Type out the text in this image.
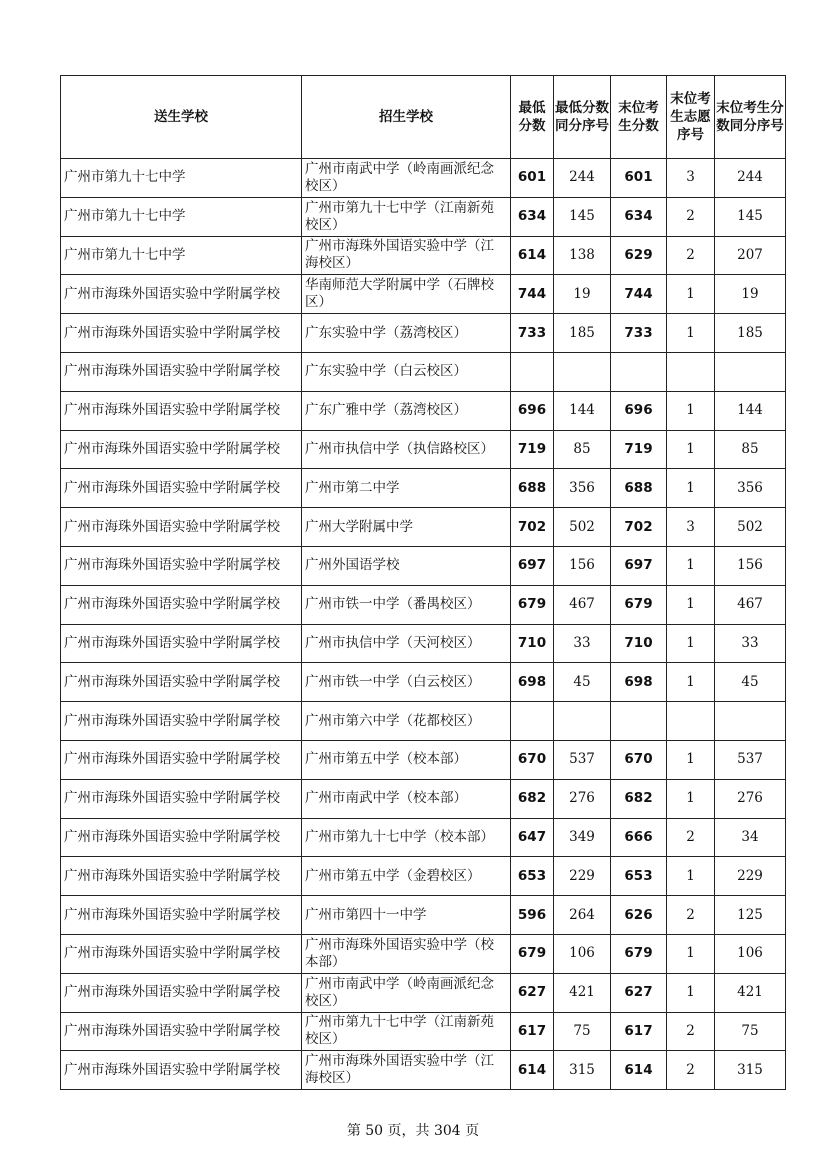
送生学校	招生学校	最低分数	最低分数同分序号	末位考生分数	末位考生志愿序号	末位考生分数同分序号
广州市第九十七中学	广州市南武中学（岭南画派纪念校区）	601	244	601	3	244
广州市第九十七中学	广州市第九十七中学（江南新苑校区）	634	145	634	2	145
广州市第九十七中学	广州市海珠外国语实验中学（江海校区）	614	138	629	2	207
广州市海珠外国语实验中学附属学校	华南师范大学附属中学（石牌校区）	744	19	744	1	19
广州市海珠外国语实验中学附属学校	广东实验中学（荔湾校区）	733	185	733	1	185
广州市海珠外国语实验中学附属学校	广东实验中学（白云校区）					
广州市海珠外国语实验中学附属学校	广东广雅中学（荔湾校区）	696	144	696	1	144
广州市海珠外国语实验中学附属学校	广州市执信中学（执信路校区）	719	85	719	1	85
广州市海珠外国语实验中学附属学校	广州市第二中学	688	356	688	1	356
广州市海珠外国语实验中学附属学校	广州大学附属中学	702	502	702	3	502
广州市海珠外国语实验中学附属学校	广州外国语学校	697	156	697	1	156
广州市海珠外国语实验中学附属学校	广州市铁一中学（番禺校区）	679	467	679	1	467
广州市海珠外国语实验中学附属学校	广州市执信中学（天河校区）	710	33	710	1	33
广州市海珠外国语实验中学附属学校	广州市铁一中学（白云校区）	698	45	698	1	45
广州市海珠外国语实验中学附属学校	广州市第六中学（花都校区）					
广州市海珠外国语实验中学附属学校	广州市第五中学（校本部）	670	537	670	1	537
广州市海珠外国语实验中学附属学校	广州市南武中学（校本部）	682	276	682	1	276
广州市海珠外国语实验中学附属学校	广州市第九十七中学（校本部）	647	349	666	2	34
广州市海珠外国语实验中学附属学校	广州市第五中学（金碧校区）	653	229	653	1	229
广州市海珠外国语实验中学附属学校	广州市第四十一中学	596	264	626	2	125
广州市海珠外国语实验中学附属学校	广州市海珠外国语实验中学（校本部）	679	106	679	1	106
广州市海珠外国语实验中学附属学校	广州市南武中学（岭南画派纪念校区）	627	421	627	1	421
广州市海珠外国语实验中学附属学校	广州市第九十七中学（江南新苑校区）	617	75	617	2	75
广州市海珠外国语实验中学附属学校	广州市海珠外国语实验中学（江海校区）	614	315	614	2	315
第 50 页，共 304 页
